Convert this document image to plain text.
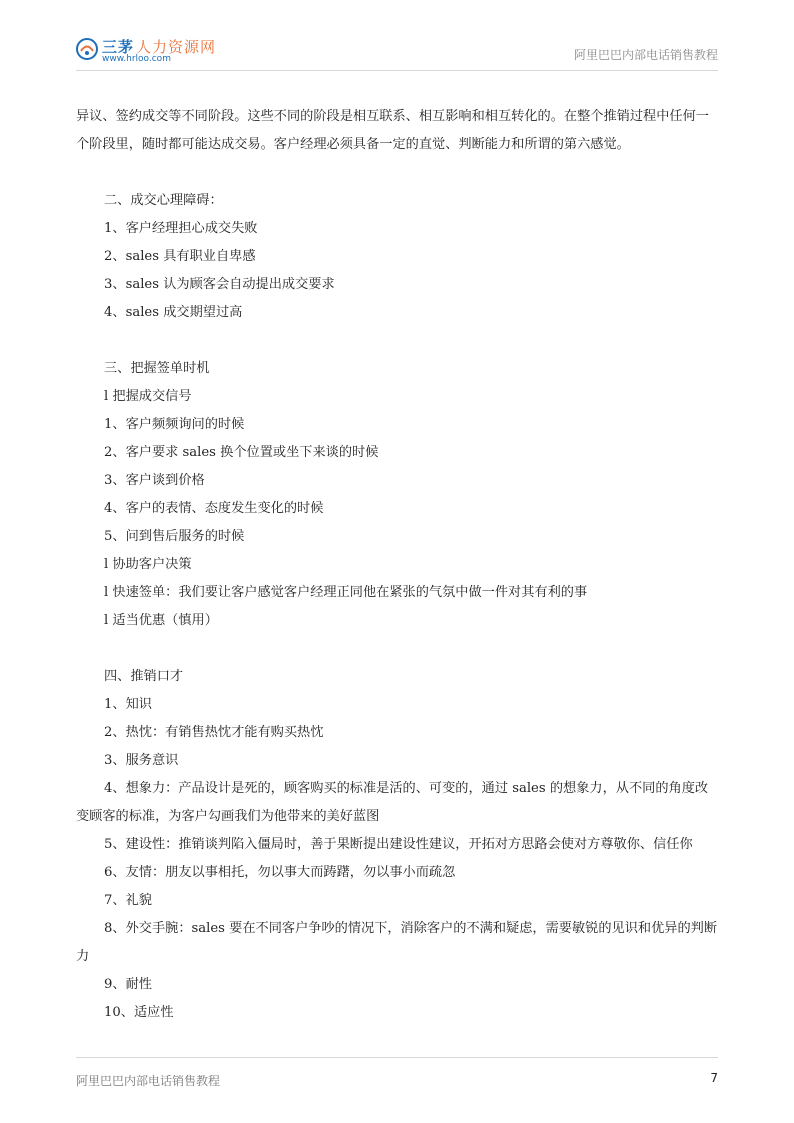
三茅 人力资源网
www.hrloo.com	阿里巴巴内部电话销售教程

异议、签约成交等不同阶段。这些不同的阶段是相互联系、相互影响和相互转化的。在整个推销过程中任何一个阶段里，随时都可能达成交易。客户经理必须具备一定的直觉、判断能力和所谓的第六感觉。

二、成交心理障碍：

1、客户经理担心成交失败

2、sales 具有职业自卑感

3、sales 认为顾客会自动提出成交要求

4、sales 成交期望过高

三、把握签单时机

l 把握成交信号

1、客户频频询问的时候

2、客户要求 sales 换个位置或坐下来谈的时候

3、客户谈到价格

4、客户的表情、态度发生变化的时候

5、问到售后服务的时候

l 协助客户决策

l 快速签单：我们要让客户感觉客户经理正同他在紧张的气氛中做一件对其有利的事

l 适当优惠（慎用）

四、推销口才

1、知识

2、热忱：有销售热忱才能有购买热忱

3、服务意识

4、想象力：产品设计是死的，顾客购买的标准是活的、可变的，通过 sales 的想象力，从不同的角度改变顾客的标准，为客户勾画我们为他带来的美好蓝图

5、建设性：推销谈判陷入僵局时，善于果断提出建设性建议，开拓对方思路会使对方尊敬你、信任你

6、友情：朋友以事相托，勿以事大而踌躇，勿以事小而疏忽

7、礼貌

8、外交手腕：sales 要在不同客户争吵的情况下，消除客户的不满和疑虑，需要敏锐的见识和优异的判断力

9、耐性

10、适应性

阿里巴巴内部电话销售教程	7
